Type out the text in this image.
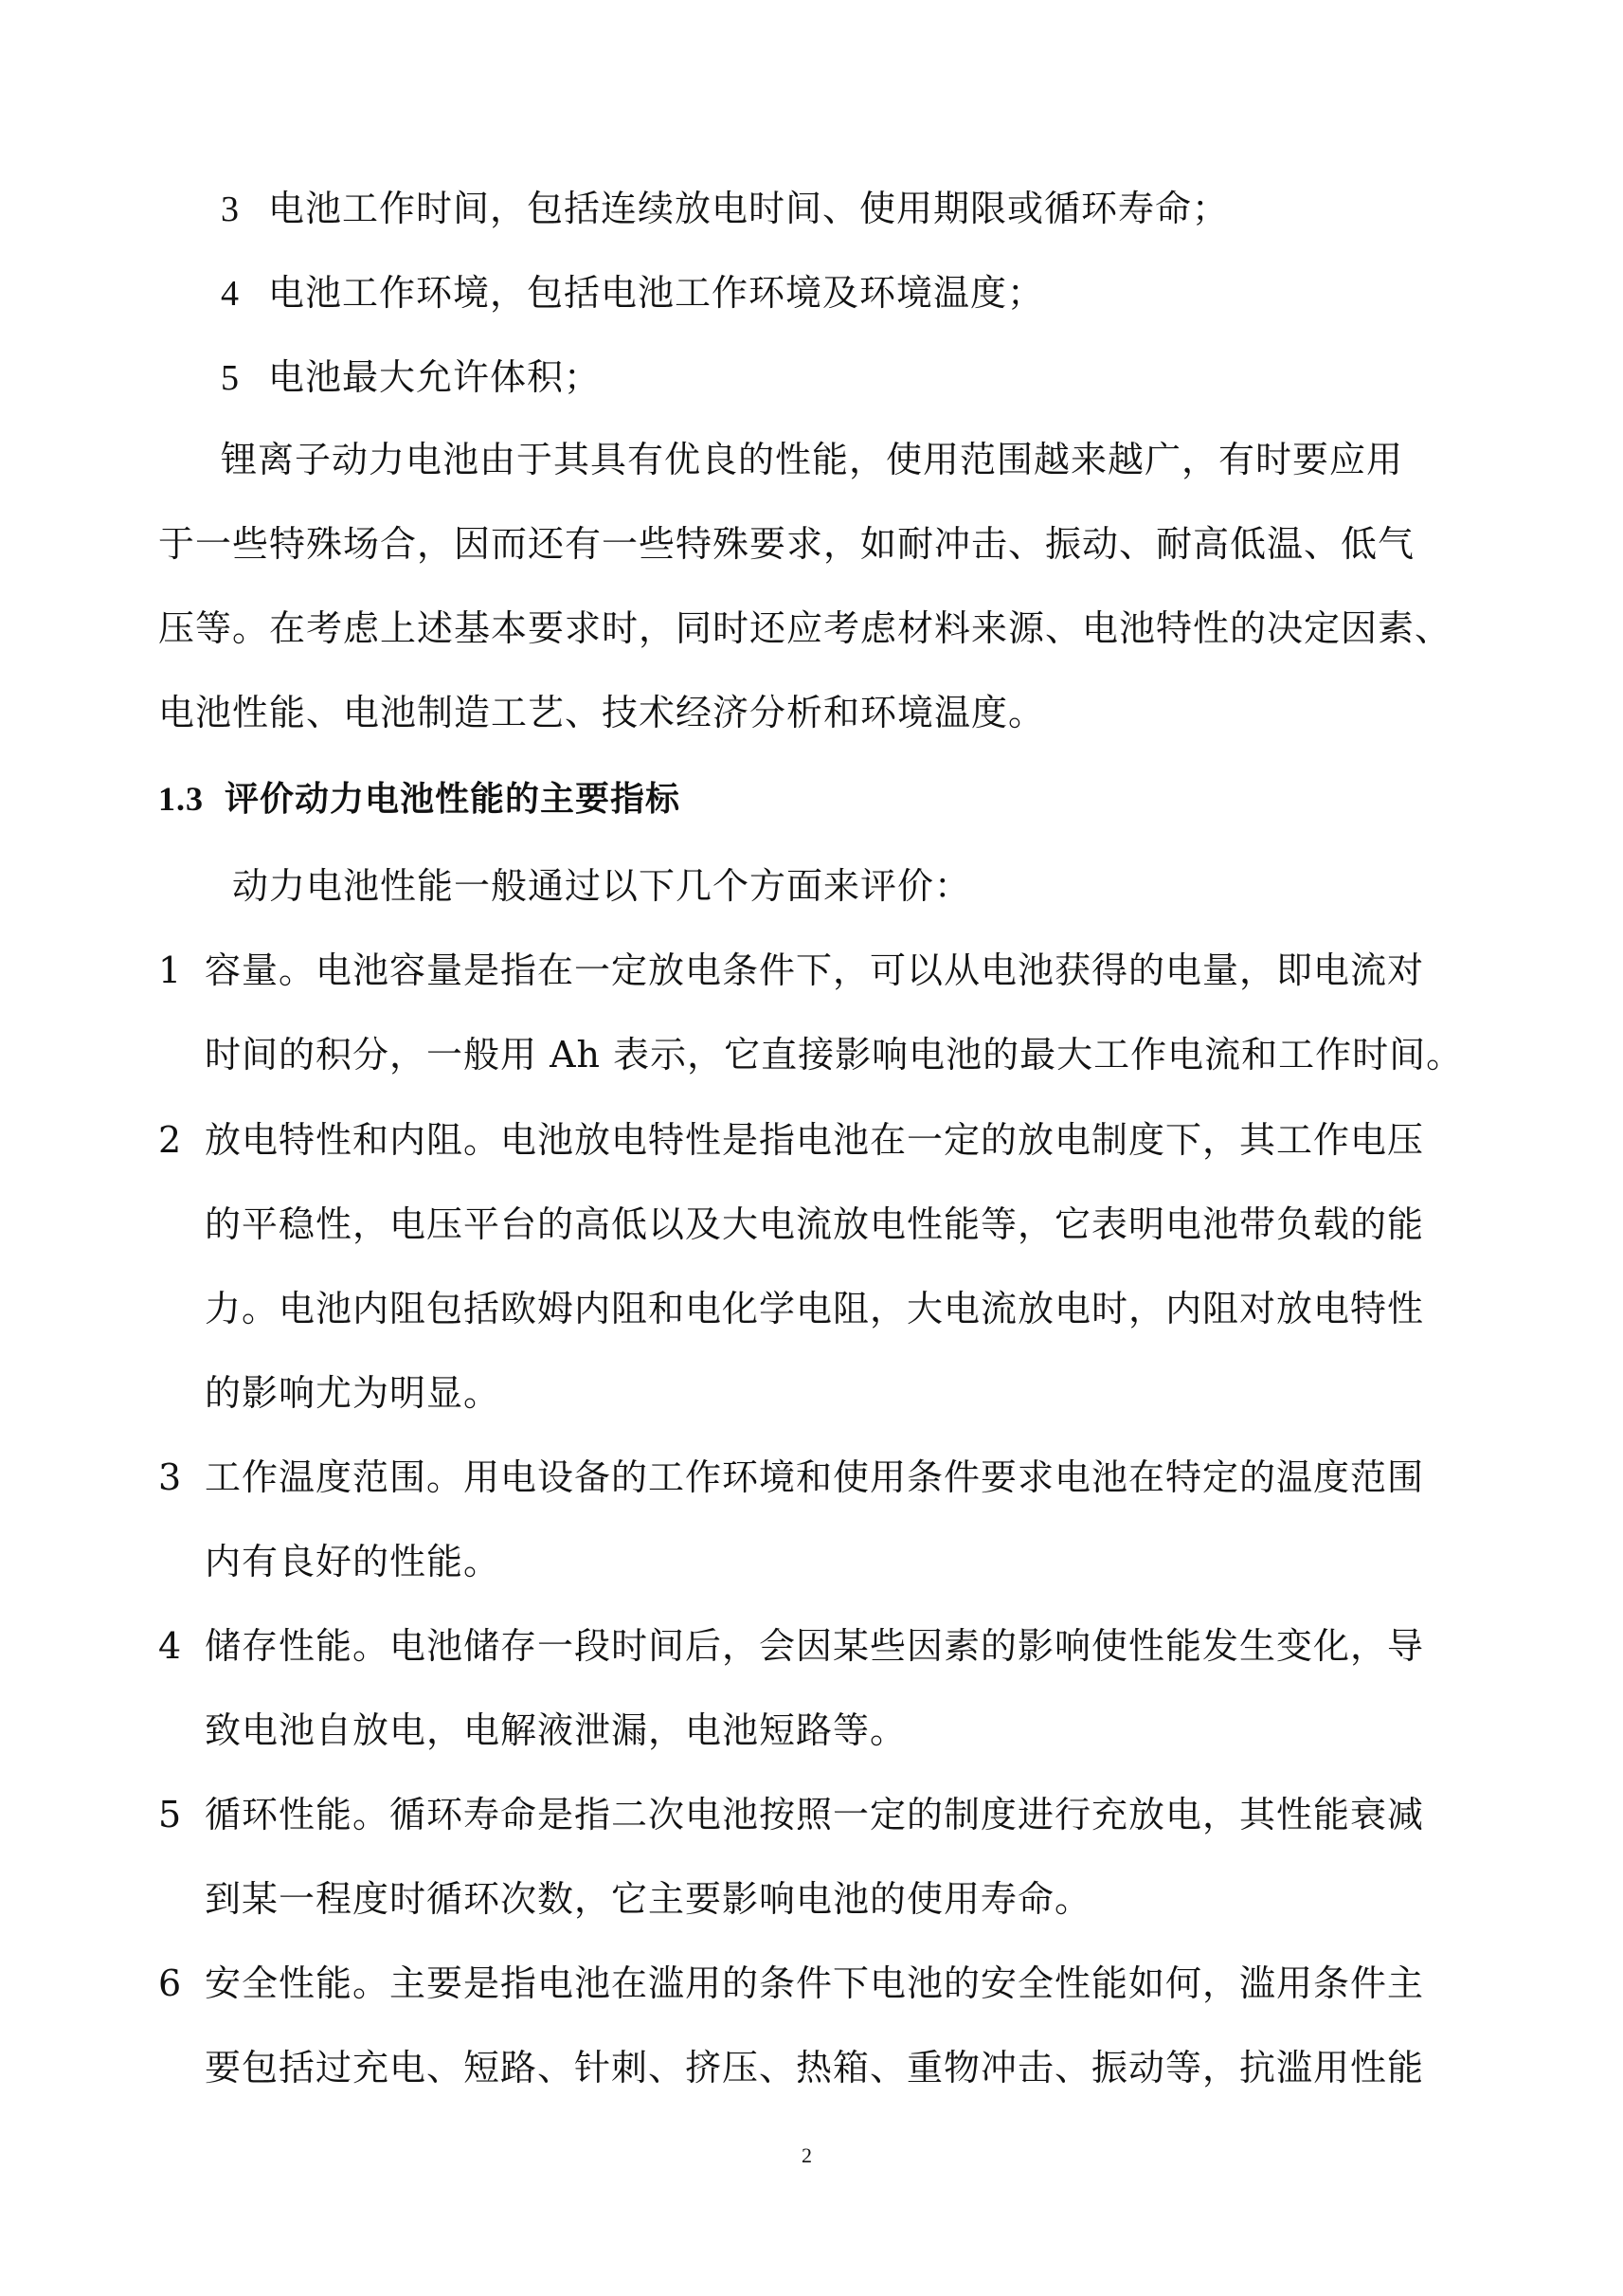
3 电池工作时间，包括连续放电时间、使用期限或循环寿命；
4 电池工作环境，包括电池工作环境及环境温度；
5 电池最大允许体积；
锂离子动力电池由于其具有优良的性能，使用范围越来越广，有时要应用
于一些特殊场合，因而还有一些特殊要求，如耐冲击、振动、耐高低温、低气
压等。在考虑上述基本要求时，同时还应考虑材料来源、电池特性的决定因素、
电池性能、电池制造工艺、技术经济分析和环境温度。
1.3 评价动力电池性能的主要指标
动力电池性能一般通过以下几个方面来评价：
1 容量。电池容量是指在一定放电条件下，可以从电池获得的电量，即电流对
时间的积分，一般用 Ah 表示，它直接影响电池的最大工作电流和工作时间。
2 放电特性和内阻。电池放电特性是指电池在一定的放电制度下，其工作电压
的平稳性，电压平台的高低以及大电流放电性能等，它表明电池带负载的能
力。电池内阻包括欧姆内阻和电化学电阻，大电流放电时，内阻对放电特性
的影响尤为明显。
3 工作温度范围。用电设备的工作环境和使用条件要求电池在特定的温度范围
内有良好的性能。
4 储存性能。电池储存一段时间后，会因某些因素的影响使性能发生变化，导
致电池自放电，电解液泄漏，电池短路等。
5 循环性能。循环寿命是指二次电池按照一定的制度进行充放电，其性能衰减
到某一程度时循环次数，它主要影响电池的使用寿命。
6 安全性能。主要是指电池在滥用的条件下电池的安全性能如何，滥用条件主
要包括过充电、短路、针刺、挤压、热箱、重物冲击、振动等，抗滥用性能
2
